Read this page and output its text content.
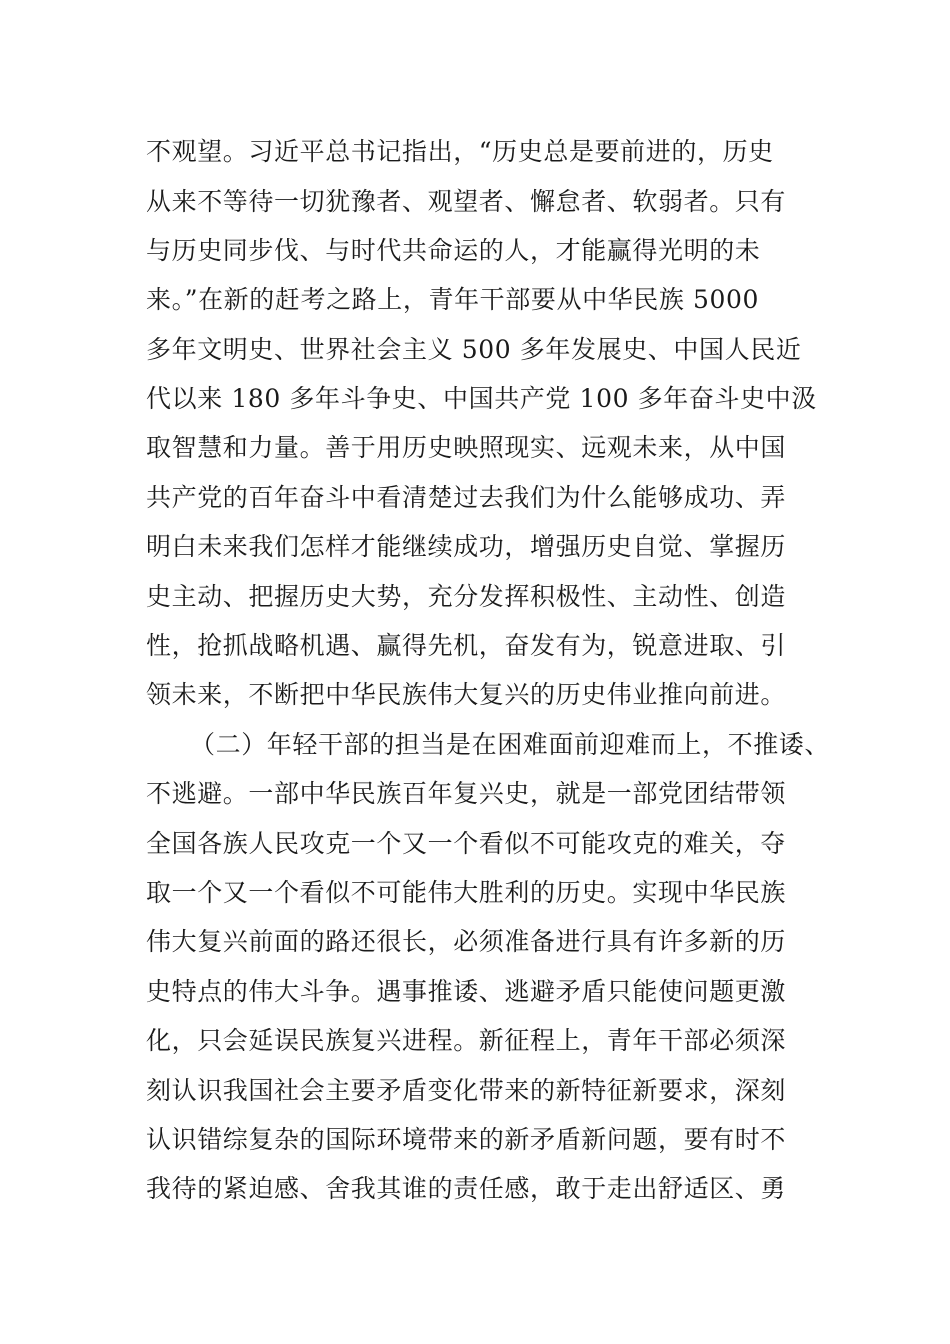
不观望。习近平总书记指出，“历史总是要前进的，历史
从来不等待一切犹豫者、观望者、懈怠者、软弱者。只有
与历史同步伐、与时代共命运的人，才能赢得光明的未
来。”在新的赶考之路上，青年干部要从中华民族 5000
多年文明史、世界社会主义 500 多年发展史、中国人民近
代以来 180 多年斗争史、中国共产党 100 多年奋斗史中汲
取智慧和力量。善于用历史映照现实、远观未来，从中国
共产党的百年奋斗中看清楚过去我们为什么能够成功、弄
明白未来我们怎样才能继续成功，增强历史自觉、掌握历
史主动、把握历史大势，充分发挥积极性、主动性、创造
性，抢抓战略机遇、赢得先机，奋发有为，锐意进取、引
领未来，不断把中华民族伟大复兴的历史伟业推向前进。
（二）年轻干部的担当是在困难面前迎难而上，不推诿、
不逃避。一部中华民族百年复兴史，就是一部党团结带领
全国各族人民攻克一个又一个看似不可能攻克的难关，夺
取一个又一个看似不可能伟大胜利的历史。实现中华民族
伟大复兴前面的路还很长，必须准备进行具有许多新的历
史特点的伟大斗争。遇事推诿、逃避矛盾只能使问题更激
化，只会延误民族复兴进程。新征程上，青年干部必须深
刻认识我国社会主要矛盾变化带来的新特征新要求，深刻
认识错综复杂的国际环境带来的新矛盾新问题，要有时不
我待的紧迫感、舍我其谁的责任感，敢于走出舒适区、勇
